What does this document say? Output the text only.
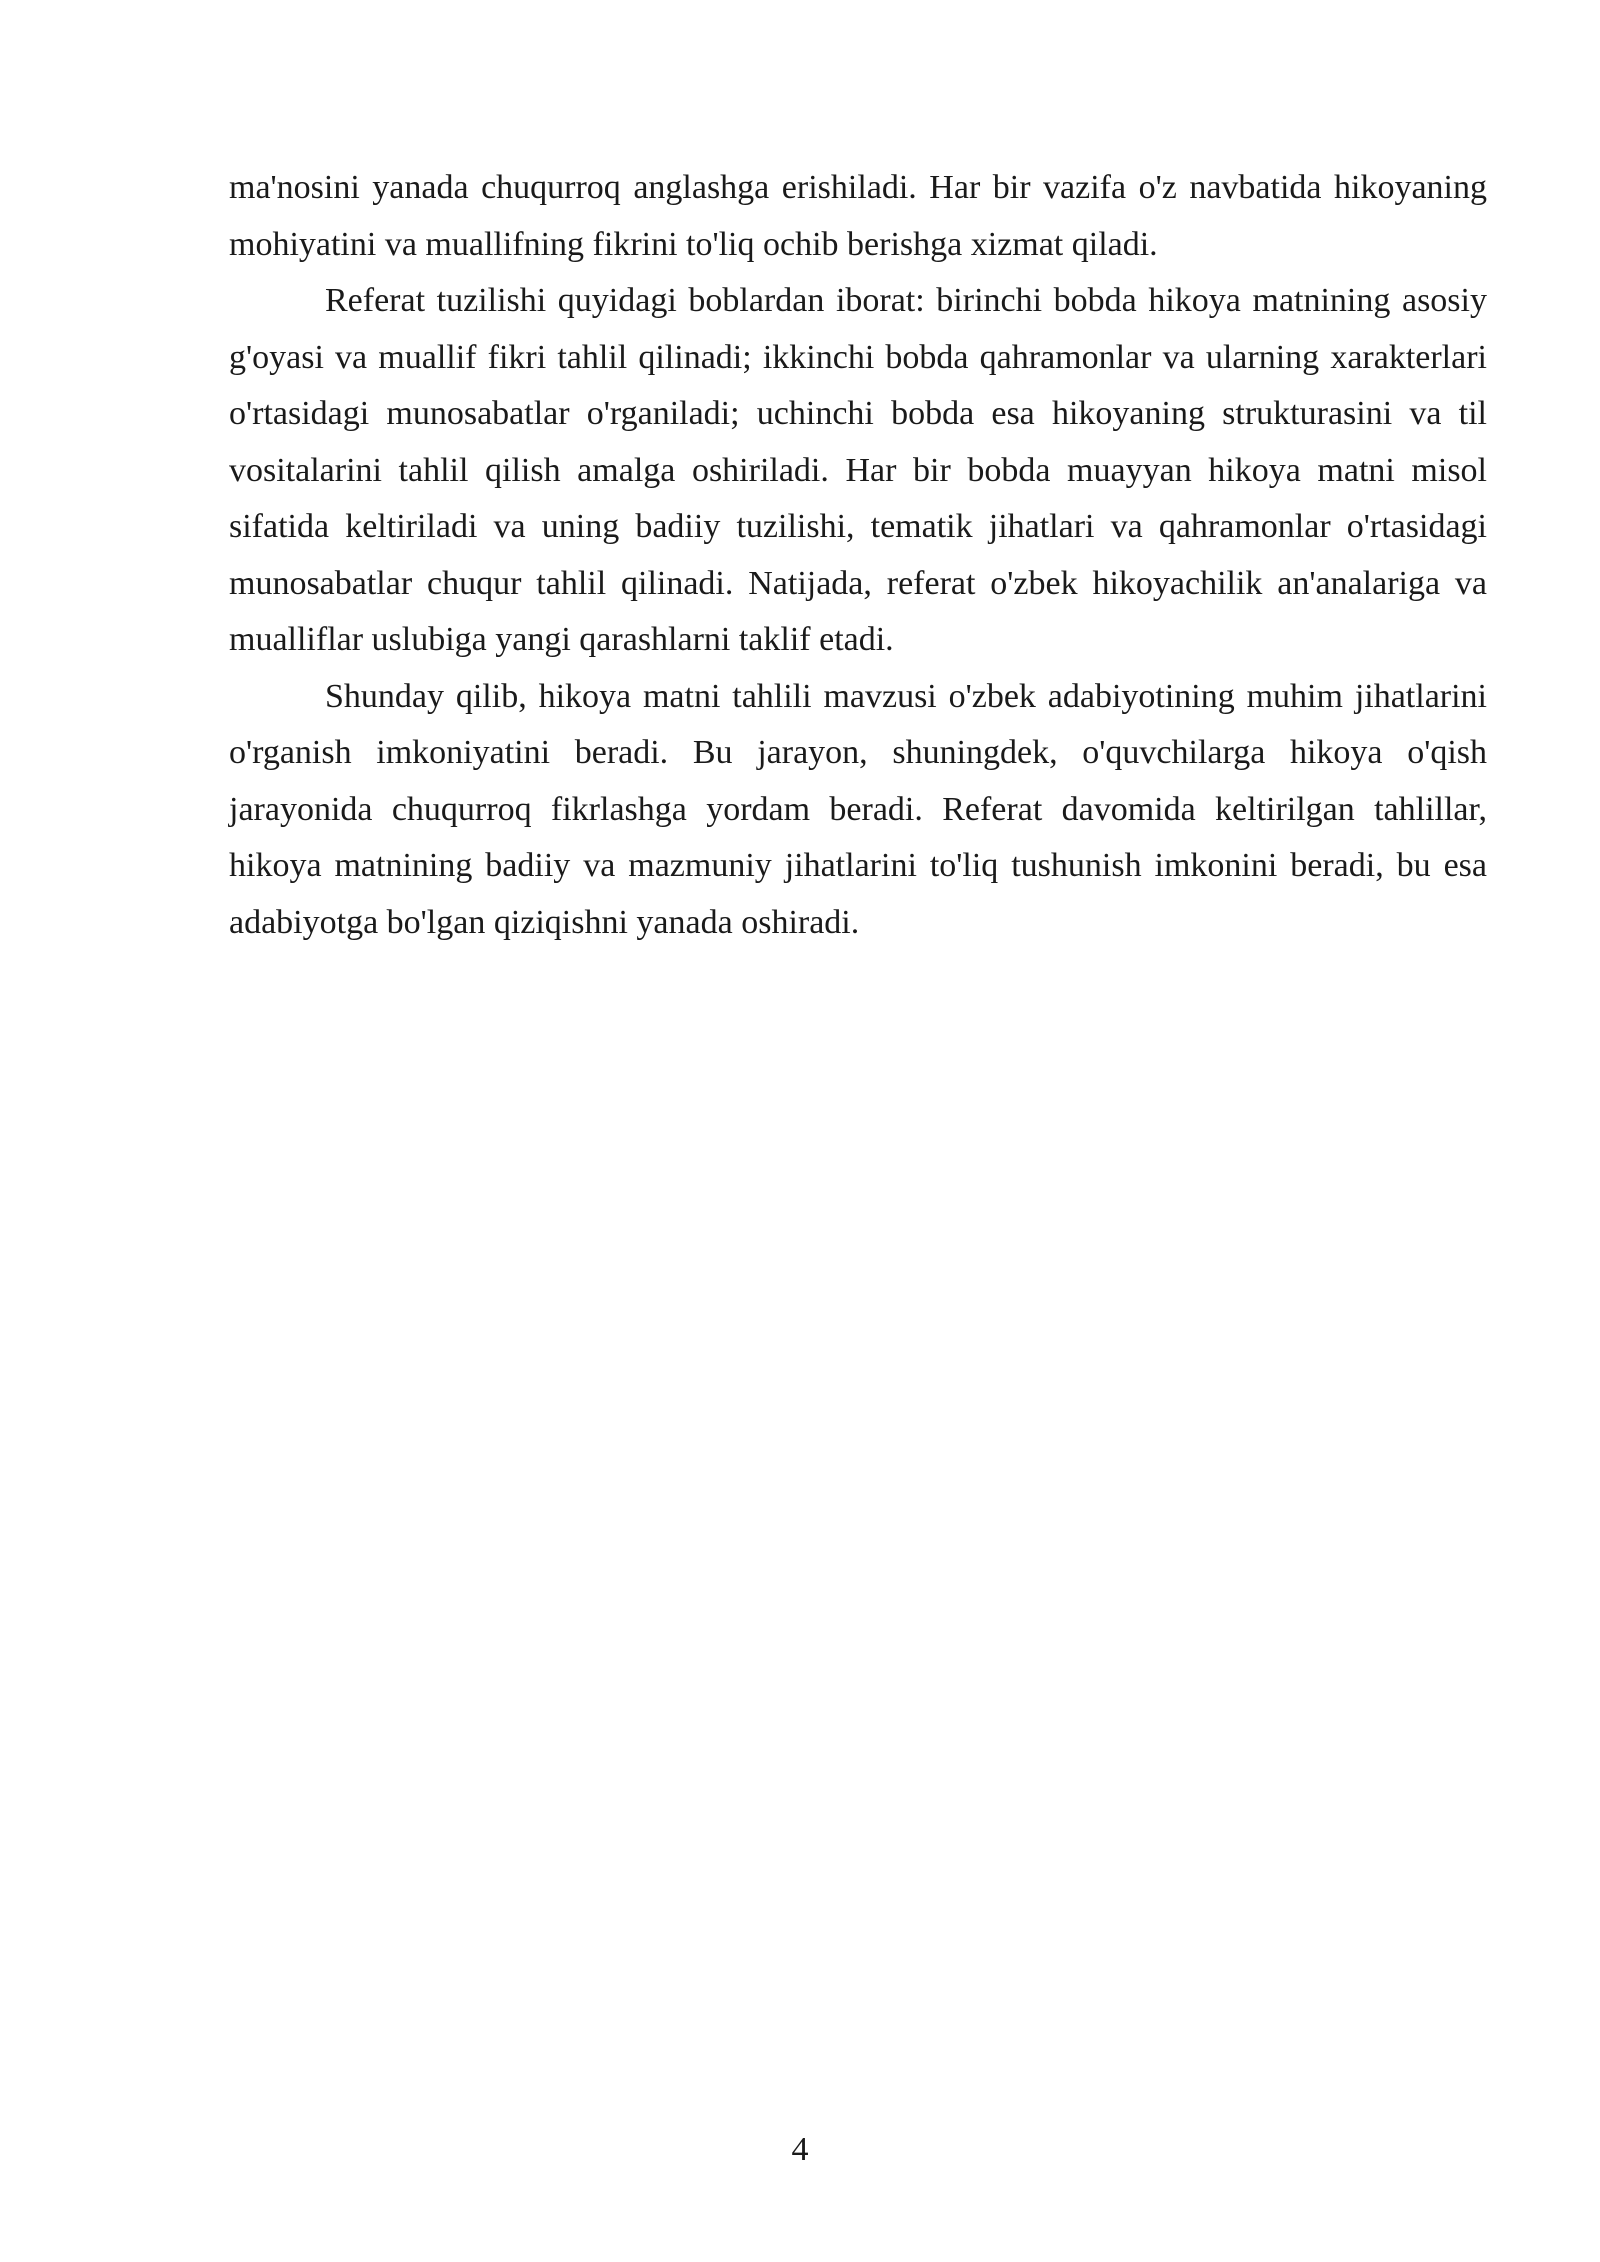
ma'nosini yanada chuqurroq anglashga erishiladi. Har bir vazifa o'z navbatida hikoyaning mohiyatini va muallifning fikrini to'liq ochib berishga xizmat qiladi.

Referat tuzilishi quyidagi boblardan iborat: birinchi bobda hikoya matnining asosiy g'oyasi va muallif fikri tahlil qilinadi; ikkinchi bobda qahramonlar va ularning xarakterlari o'rtasidagi munosabatlar o'rganiladi; uchinchi bobda esa hikoyaning strukturasini va til vositalarini tahlil qilish amalga oshiriladi. Har bir bobda muayyan hikoya matni misol sifatida keltiriladi va uning badiiy tuzilishi, tematik jihatlari va qahramonlar o'rtasidagi munosabatlar chuqur tahlil qilinadi. Natijada, referat o'zbek hikoyachilik an'analariga va mualliflar uslubiga yangi qarashlarni taklif etadi.

Shunday qilib, hikoya matni tahlili mavzusi o'zbek adabiyotining muhim jihatlarini o'rganish imkoniyatini beradi. Bu jarayon, shuningdek, o'quvchilarga hikoya o'qish jarayonida chuqurroq fikrlashga yordam beradi. Referat davomida keltirilgan tahlillar, hikoya matnining badiiy va mazmuniy jihatlarini to'liq tushunish imkonini beradi, bu esa adabiyotga bo'lgan qiziqishni yanada oshiradi.

4
